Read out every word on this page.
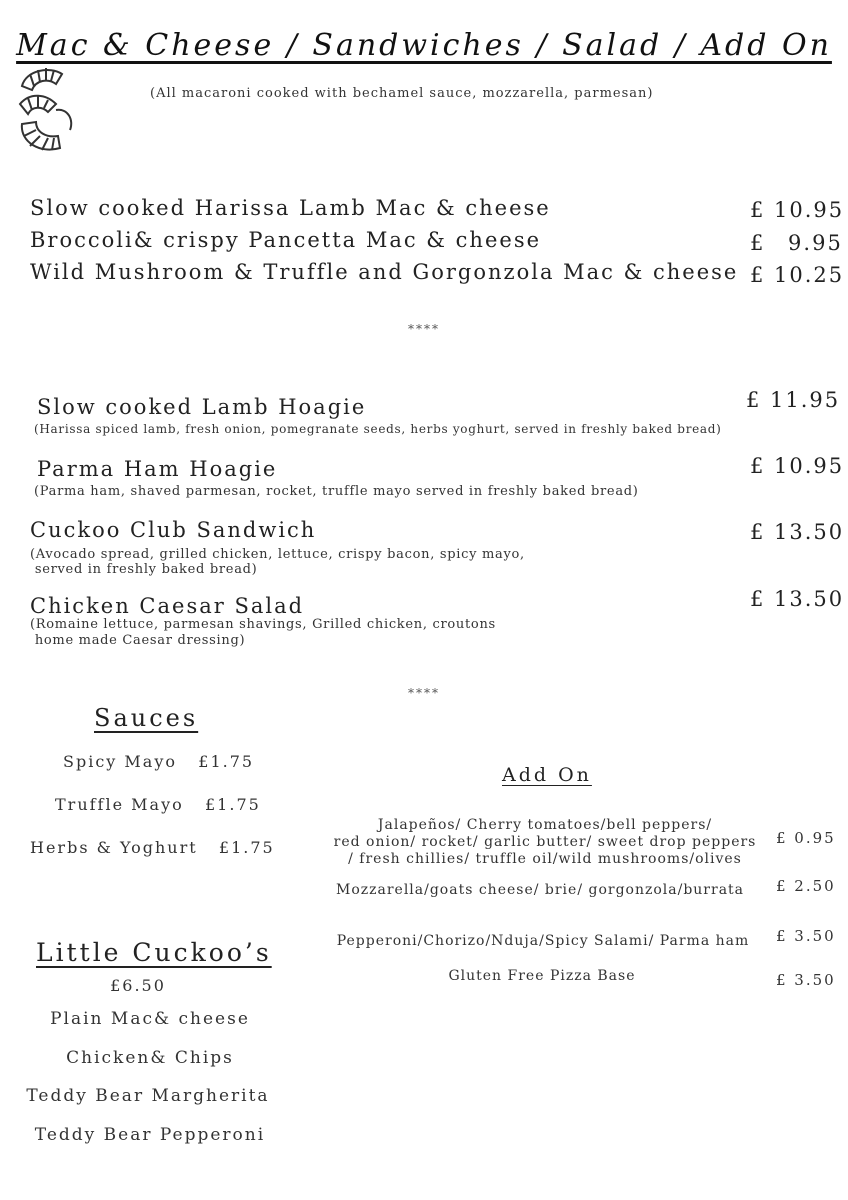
Mac & Cheese / Sandwiches / Salad / Add On
(All macaroni cooked with bechamel sauce, mozzarella, parmesan)
Slow cooked Harissa Lamb Mac & cheese	£ 10.95
Broccoli& crispy Pancetta Mac & cheese	£ 9.95
Wild Mushroom & Truffle and Gorgonzola Mac & cheese £ 10.25
****
Slow cooked Lamb Hoagie
(Harissa spiced lamb, fresh onion, pomegranate seeds, herbs yoghurt, served in freshly baked bread)
£ 11.95
Parma Ham Hoagie
(Parma ham, shaved parmesan, rocket, truffle mayo served in freshly baked bread)
£ 10.95
Cuckoo Club Sandwich
(Avocado spread, grilled chicken, lettuce, crispy bacon, spicy mayo,
served in freshly baked bread)
£ 13.50
Chicken Caesar Salad
(Romaine lettuce, parmesan shavings, Grilled chicken, croutons
home made Caesar dressing)
£ 13.50
****
Sauces
Spicy Mayo   £1.75
Truffle Mayo   £1.75
Herbs & Yoghurt   £1.75
Add On
Jalapeños/ Cherry tomatoes/bell peppers/
red onion/ rocket/ garlic butter/ sweet drop peppers
/ fresh chillies/ truffle oil/wild mushrooms/olives
£ 0.95
Mozzarella/goats cheese/ brie/ gorgonzola/burrata	£ 2.50
Pepperoni/Chorizo/Nduja/Spicy Salami/ Parma ham	£ 3.50
Gluten Free Pizza Base	£ 3.50
Little Cuckoo’s
£6.50
Plain Mac& cheese
Chicken& Chips
Teddy Bear Margherita
Teddy Bear Pepperoni
